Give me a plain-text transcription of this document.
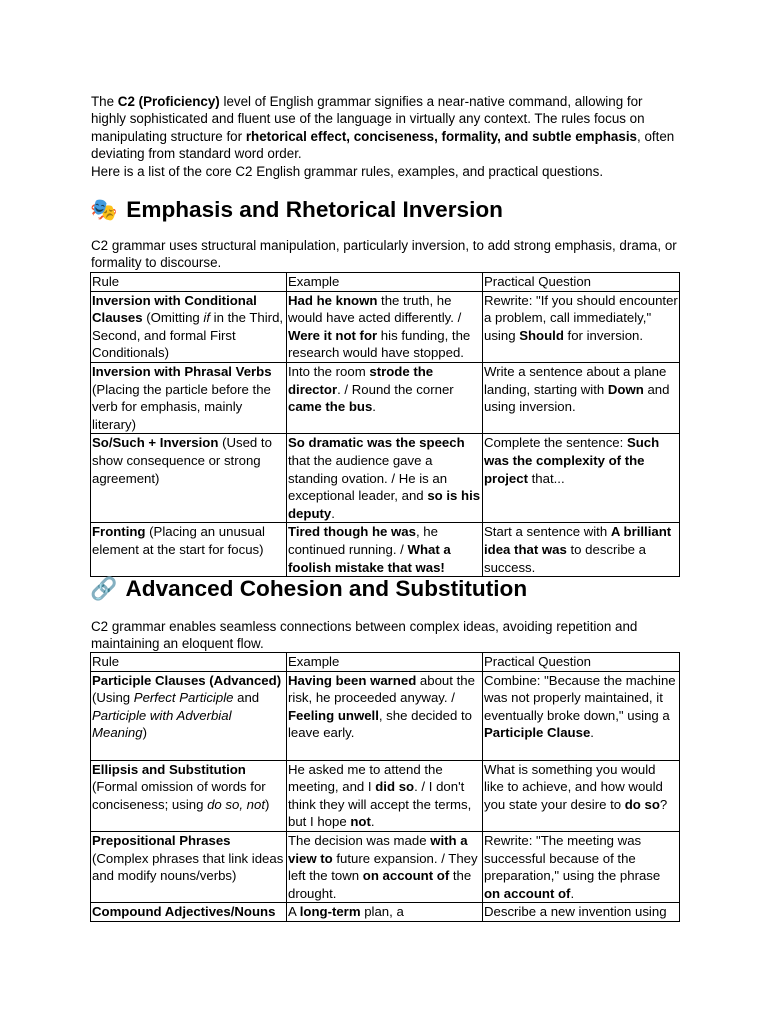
The C2 (Proficiency) level of English grammar signifies a near-native command, allowing for highly sophisticated and fluent use of the language in virtually any context. The rules focus on manipulating structure for rhetorical effect, conciseness, formality, and subtle emphasis, often deviating from standard word order.

Here is a list of the core C2 English grammar rules, examples, and practical questions.

🎭 Emphasis and Rhetorical Inversion

C2 grammar uses structural manipulation, particularly inversion, to add strong emphasis, drama, or formality to discourse.

Rule	Example	Practical Question
Inversion with Conditional Clauses (Omitting if in the Third, Second, and formal First Conditionals)	Had he known the truth, he would have acted differently. / Were it not for his funding, the research would have stopped.	Rewrite: "If you should encounter a problem, call immediately," using Should for inversion.
Inversion with Phrasal Verbs (Placing the particle before the verb for emphasis, mainly literary)	Into the room strode the director. / Round the corner came the bus.	Write a sentence about a plane landing, starting with Down and using inversion.
So/Such + Inversion (Used to show consequence or strong agreement)	So dramatic was the speech that the audience gave a standing ovation. / He is an exceptional leader, and so is his deputy.	Complete the sentence: Such was the complexity of the project that...
Fronting (Placing an unusual element at the start for focus)	Tired though he was, he continued running. / What a foolish mistake that was!	Start a sentence with A brilliant idea that was to describe a success.
🔗 Advanced Cohesion and Substitution

C2 grammar enables seamless connections between complex ideas, avoiding repetition and maintaining an eloquent flow.

Rule	Example	Practical Question
Participle Clauses (Advanced) (Using Perfect Participle and Participle with Adverbial Meaning)	Having been warned about the risk, he proceeded anyway. / Feeling unwell, she decided to leave early.	Combine: "Because the machine was not properly maintained, it eventually broke down," using a Participle Clause.
Ellipsis and Substitution (Formal omission of words for conciseness; using do so, not)	He asked me to attend the meeting, and I did so. / I don't think they will accept the terms, but I hope not.	What is something you would like to achieve, and how would you state your desire to do so?
Prepositional Phrases (Complex phrases that link ideas and modify nouns/verbs)	The decision was made with a view to future expansion. / They left the town on account of the drought.	Rewrite: "The meeting was successful because of the preparation," using the phrase on account of.
Compound Adjectives/Nouns	A long-term plan, a	Describe a new invention using
